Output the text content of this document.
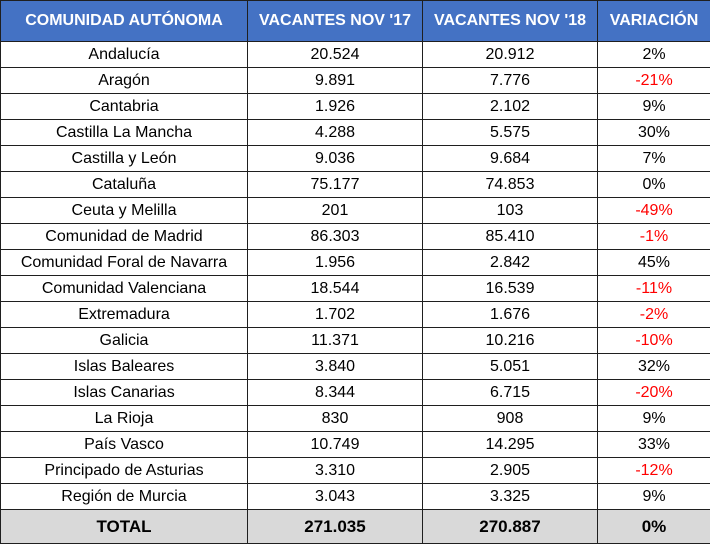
COMUNIDAD AUTÓNOMA	VACANTES NOV '17	VACANTES NOV '18	VARIACIÓN
Andalucía	20.524	20.912	2%
Aragón	9.891	7.776	-21%
Cantabria	1.926	2.102	9%
Castilla La Mancha	4.288	5.575	30%
Castilla y León	9.036	9.684	7%
Cataluña	75.177	74.853	0%
Ceuta y Melilla	201	103	-49%
Comunidad de Madrid	86.303	85.410	-1%
Comunidad Foral de Navarra	1.956	2.842	45%
Comunidad Valenciana	18.544	16.539	-11%
Extremadura	1.702	1.676	-2%
Galicia	11.371	10.216	-10%
Islas Baleares	3.840	5.051	32%
Islas Canarias	8.344	6.715	-20%
La Rioja	830	908	9%
País Vasco	10.749	14.295	33%
Principado de Asturias	3.310	2.905	-12%
Región de Murcia	3.043	3.325	9%
TOTAL	271.035	270.887	0%
